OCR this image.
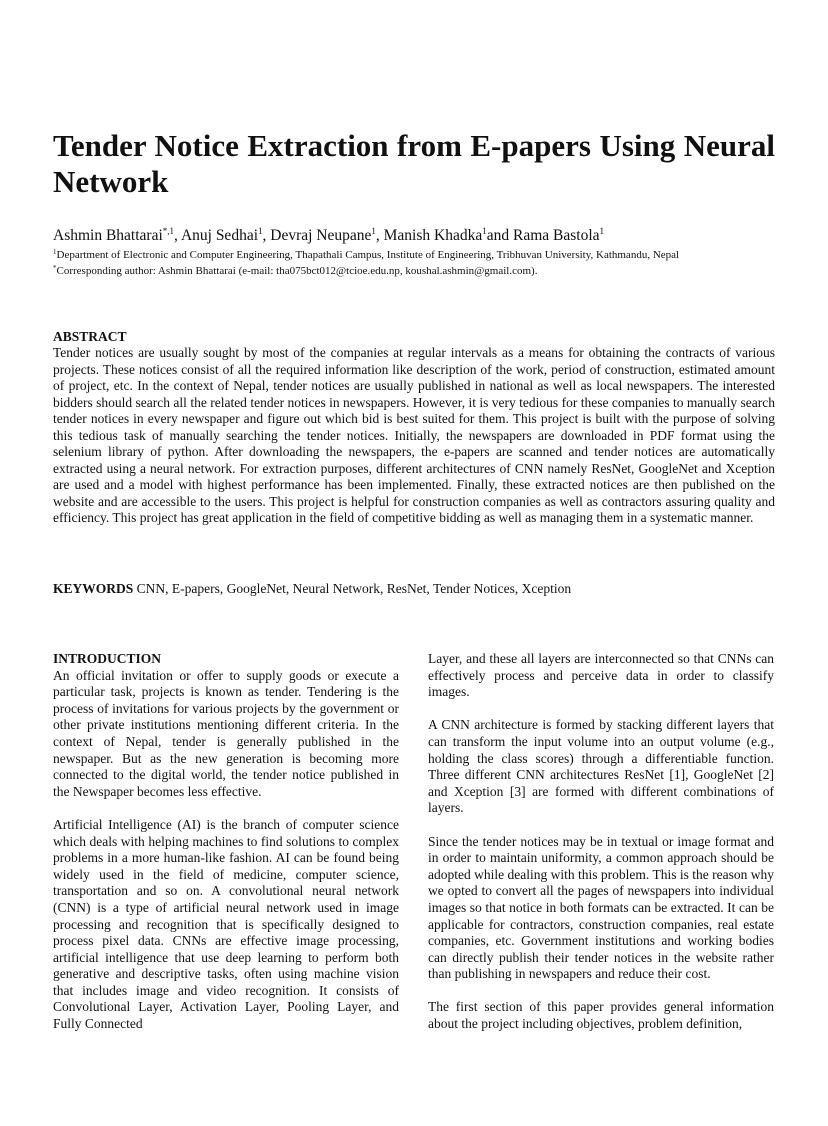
Tender Notice Extraction from E-papers Using Neural Network
Ashmin Bhattarai$^{*,1}$, Anuj Sedhai$^1$, Devraj Neupane$^1$, Manish Khadka$^1$and Rama Bastola$^1$
$^1$Department of Electronic and Computer Engineering, Thapathali Campus, Institute of Engineering, Tribhuvan University, Kathmandu, Nepal
*Corresponding author: Ashmin Bhattarai (e-mail: tha075bct012@tcioe.edu.np, koushal.ashmin@gmail.com).
ABSTRACT
Tender notices are usually sought by most of the companies at regular intervals as a means for obtaining the contracts of various projects. These notices consist of all the required information like description of the work, period of construction, estimated amount of project, etc. In the context of Nepal, tender notices are usually published in national as well as local newspapers. The interested bidders should search all the related tender notices in newspapers. However, it is very tedious for these companies to manually search tender notices in every newspaper and figure out which bid is best suited for them. This project is built with the purpose of solving this tedious task of manually searching the tender notices. Initially, the newspapers are downloaded in PDF format using the selenium library of python. After downloading the newspapers, the e-papers are scanned and tender notices are automatically extracted using a neural network. For extraction purposes, different architectures of CNN namely ResNet, GoogleNet and Xception are used and a model with highest performance has been implemented. Finally, these extracted notices are then published on the website and are accessible to the users. This project is helpful for construction companies as well as contractors assuring quality and efficiency. This project has great application in the field of competitive bidding as well as managing them in a systematic manner.
KEYWORDS CNN, E-papers, GoogleNet, Neural Network, ResNet, Tender Notices, Xception
INTRODUCTION

An official invitation or offer to supply goods or execute a particular task, projects is known as tender. Tendering is the process of invitations for various projects by the government or other private institutions mentioning different criteria. In the context of Nepal, tender is generally published in the newspaper. But as the new generation is becoming more connected to the digital world, the tender notice published in the Newspaper becomes less effective.

Artificial Intelligence (AI) is the branch of computer science which deals with helping machines to find solutions to complex problems in a more human-like fashion. AI can be found being widely used in the field of medicine, computer science, transportation and so on. A convolutional neural network (CNN) is a type of artificial neural network used in image processing and recognition that is specifically designed to process pixel data. CNNs are effective image processing, artificial intelligence that use deep learning to perform both generative and descriptive tasks, often using machine vision that includes image and video recognition. It consists of Convolutional Layer, Activation Layer, Pooling Layer, and Fully Connected

Layer, and these all layers are interconnected so that CNNs can effectively process and perceive data in order to classify images.

A CNN architecture is formed by stacking different layers that can transform the input volume into an output volume (e.g., holding the class scores) through a differentiable function. Three different CNN architectures ResNet [1], GoogleNet [2] and Xception [3] are formed with different combinations of layers.

Since the tender notices may be in textual or image format and in order to maintain uniformity, a common approach should be adopted while dealing with this problem. This is the reason why we opted to convert all the pages of newspapers into individual images so that notice in both formats can be extracted. It can be applicable for contractors, construction companies, real estate companies, etc. Government institutions and working bodies can directly publish their tender notices in the website rather than publishing in newspapers and reduce their cost.

The first section of this paper provides general information about the project including objectives, problem definition,
